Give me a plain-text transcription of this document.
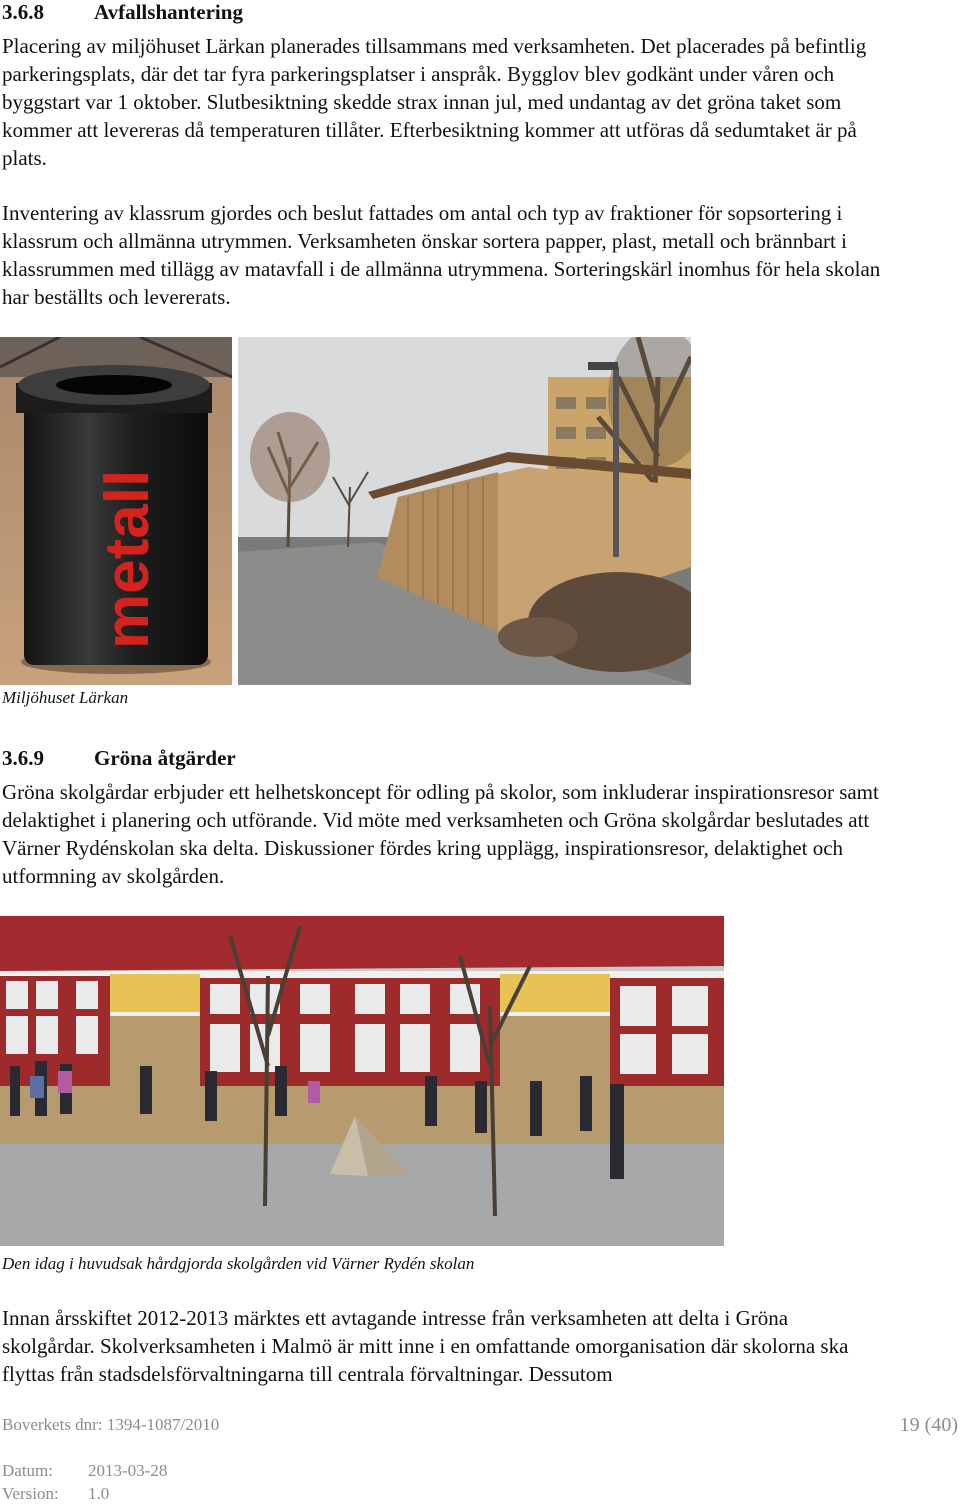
3.6.8 Avfallshantering

Placering av miljöhuset Lärkan planerades tillsammans med verksamheten. Det placerades på befintlig parkeringsplats, där det tar fyra parkeringsplatser i anspråk. Bygglov blev godkänt under våren och byggstart var 1 oktober. Slutbesiktning skedde strax innan jul, med undantag av det gröna taket som kommer att levereras då temperaturen tillåter. Efterbesiktning kommer att utföras då sedumtaket är på plats.

Inventering av klassrum gjordes och beslut fattades om antal och typ av fraktioner för sopsortering i klassrum och allmänna utrymmen. Verksamheten önskar sortera papper, plast, metall och brännbart i klassrummen med tillägg av matavfall i de allmänna utrymmena. Sorteringskärl inomhus för hela skolan har beställts och levererats.

metall
Miljöhuset Lärkan
3.6.9 Gröna åtgärder

Gröna skolgårdar erbjuder ett helhetskoncept för odling på skolor, som inkluderar inspirationsresor samt delaktighet i planering och utförande. Vid möte med verksamheten och Gröna skolgårdar beslutades att Värner Rydénskolan ska delta. Diskussioner fördes kring upplägg, inspirationsresor, delaktighet och utformning av skolgården.

Den idag i huvudsak hårdgjorda skolgården vid Värner Rydén skolan

Innan årsskiftet 2012-2013 märktes ett avtagande intresse från verksamheten att delta i Gröna skolgårdar. Skolverksamheten i Malmö är mitt inne i en omfattande omorganisation där skolorna ska flyttas från stadsdelsförvaltningarna till centrala förvaltningar. Dessutom

Boverkets dnr: 1394-1087/2010	19 (40)
Datum: 2013-03-28
Version: 1.0
